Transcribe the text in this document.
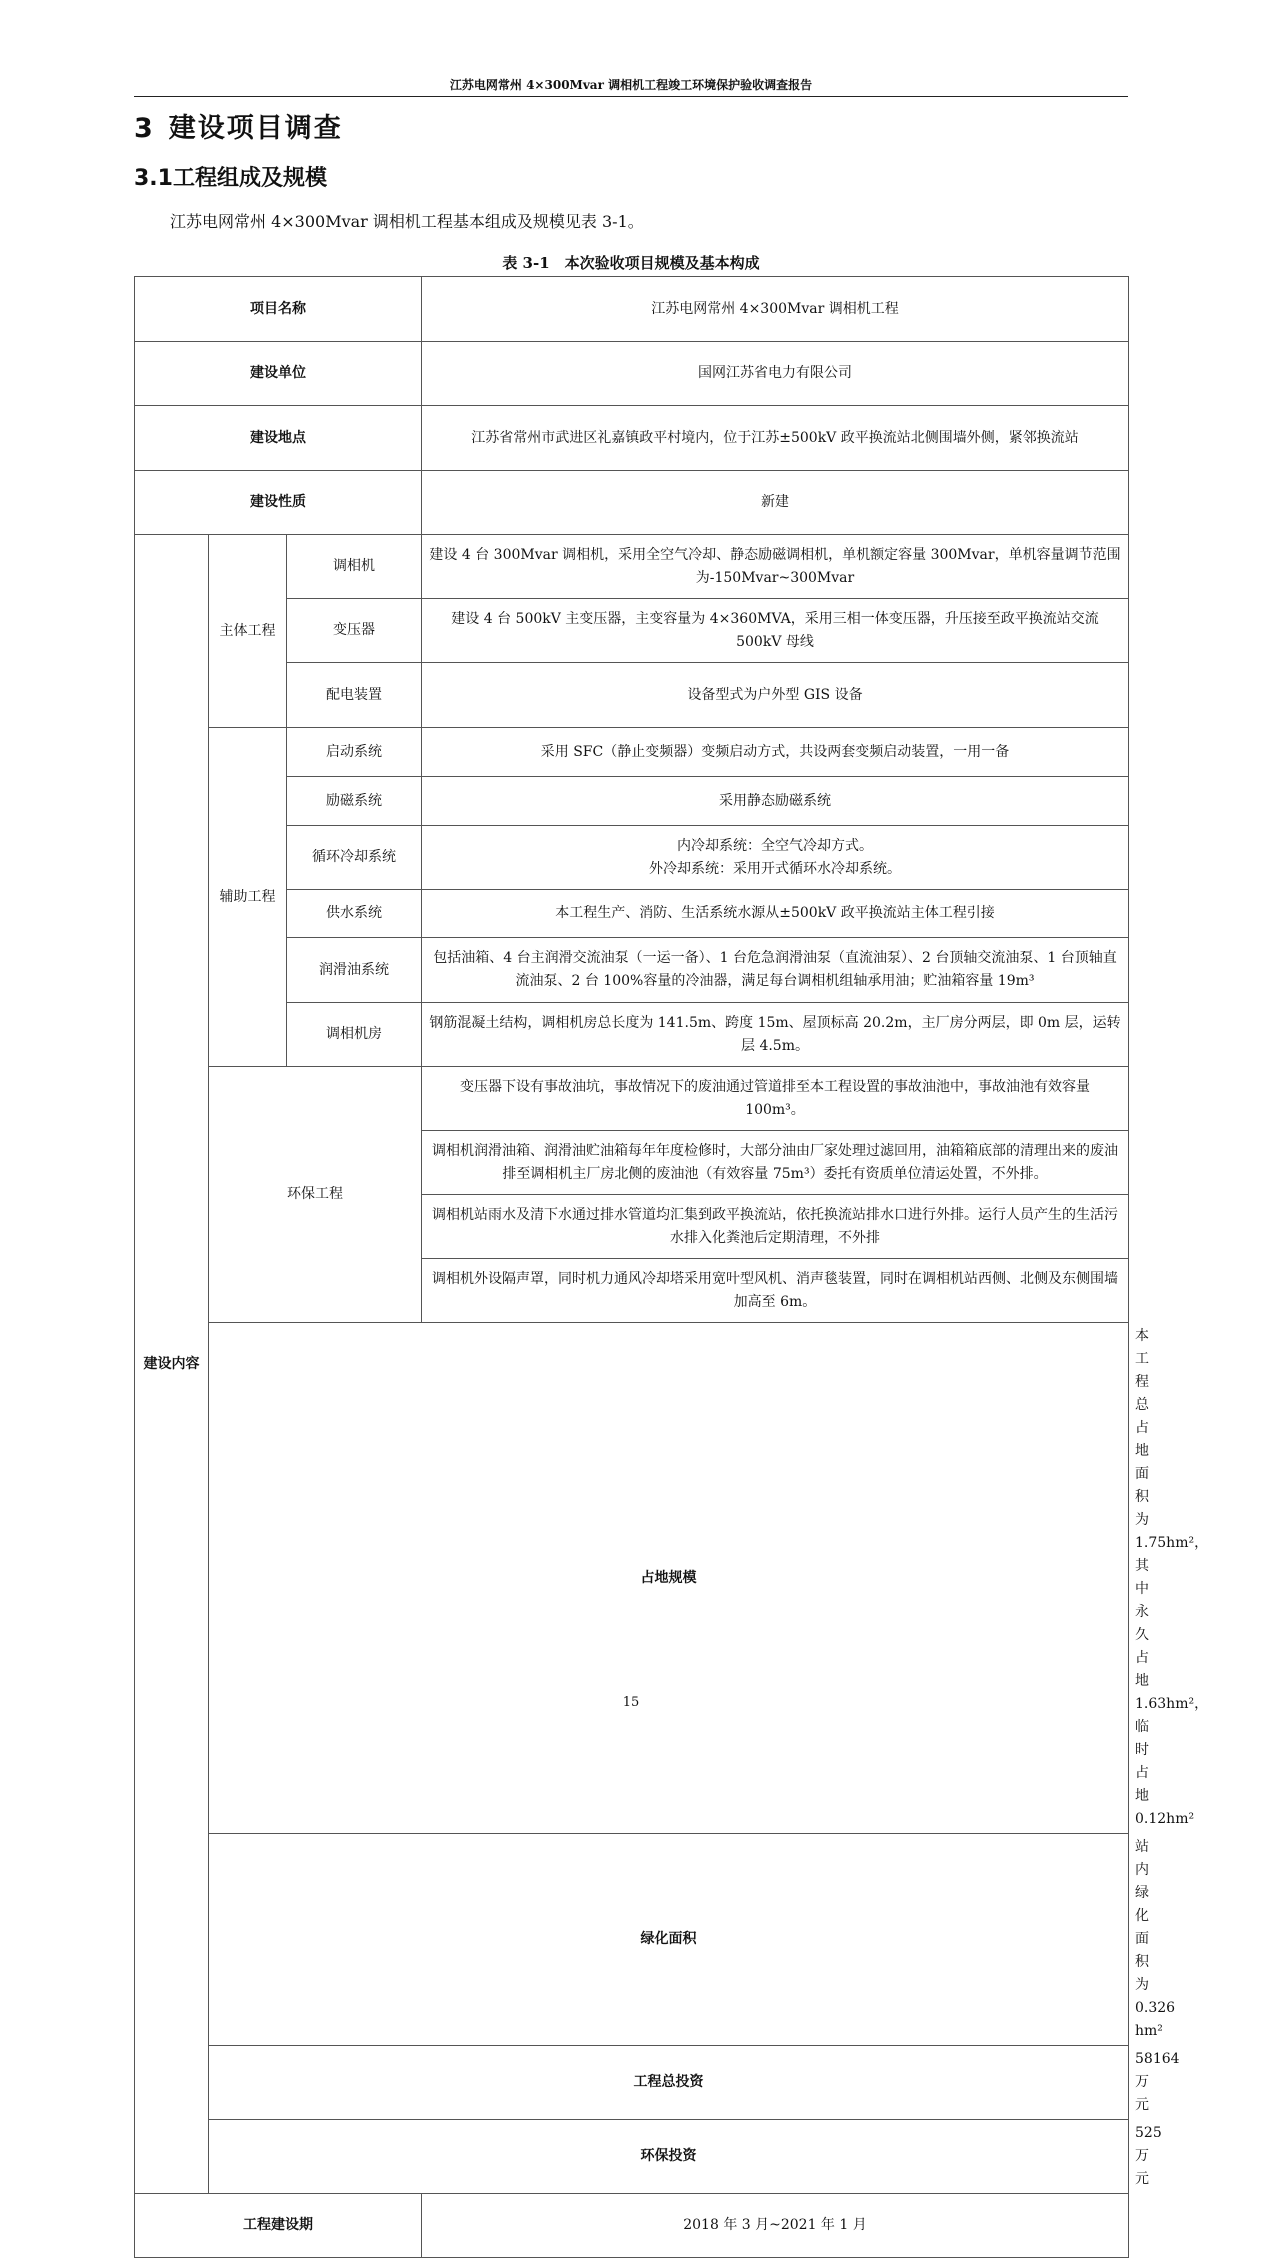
江苏电网常州 4×300Mvar 调相机工程竣工环境保护验收调查报告
3 建设项目调查
3.1工程组成及规模
江苏电网常州 4×300Mvar 调相机工程基本组成及规模见表 3-1。
表 3-1　本次验收项目规模及基本构成
项目名称			江苏电网常州 4×300Mvar 调相机工程	
建设单位			国网江苏省电力有限公司	
建设地点			江苏省常州市武进区礼嘉镇政平村境内，位于江苏±500kV 政平换流站北侧围墙外侧，紧邻换流站	
建设性质			新建	
建设内容	主体工程	调相机	建设 4 台 300Mvar 调相机，采用全空气冷却、静态励磁调相机，单机额定容量 300Mvar，单机容量调节范围为-150Mvar~300Mvar	
		变压器	建设 4 台 500kV 主变压器，主变容量为 4×360MVA，采用三相一体变压器，升压接至政平换流站交流 500kV 母线	
		配电装置	设备型式为户外型 GIS 设备	
	辅助工程	启动系统	采用 SFC（静止变频器）变频启动方式，共设两套变频启动装置，一用一备	
		励磁系统	采用静态励磁系统	
		循环冷却系统	内冷却系统：全空气冷却方式。
外冷却系统：采用开式循环水冷却系统。	

		供水系统	本工程生产、消防、生活系统水源从±500kV 政平换流站主体工程引接	
		润滑油系统	包括油箱、4 台主润滑交流油泵（一运一备）、1 台危急润滑油泵（直流油泵）、2 台顶轴交流油泵、1 台顶轴直流油泵、2 台 100%容量的冷油器，满足每台调相机组轴承用油；贮油箱容量 19m³	
		调相机房	钢筋混凝土结构，调相机房总长度为 141.5m、跨度 15m、屋顶标高 20.2m，主厂房分两层，即 0m 层，运转层 4.5m。	
	环保工程		变压器下设有事故油坑，事故情况下的废油通过管道排至本工程设置的事故油池中，事故油池有效容量 100m³。	
			调相机润滑油箱、润滑油贮油箱每年年度检修时，大部分油由厂家处理过滤回用，油箱箱底部的清理出来的废油排至调相机主厂房北侧的废油池（有效容量 75m³）委托有资质单位清运处置，不外排。	
			调相机站雨水及清下水通过排水管道均汇集到政平换流站，依托换流站排水口进行外排。运行人员产生的生活污水排入化粪池后定期清理，不外排	
			调相机外设隔声罩，同时机力通风冷却塔采用宽叶型风机、消声毯装置，同时在调相机站西侧、北侧及东侧围墙加高至 6m。	
	占地规模			本工程总占地面积为 1.75hm²，其中永久占地 1.63hm²，临时占地 0.12hm²
	绿化面积			站内绿化面积为 0.326 hm²
	工程总投资			58164 万元
	环保投资			525 万元
工程建设期			2018 年 3 月~2021 年 1 月	
15
